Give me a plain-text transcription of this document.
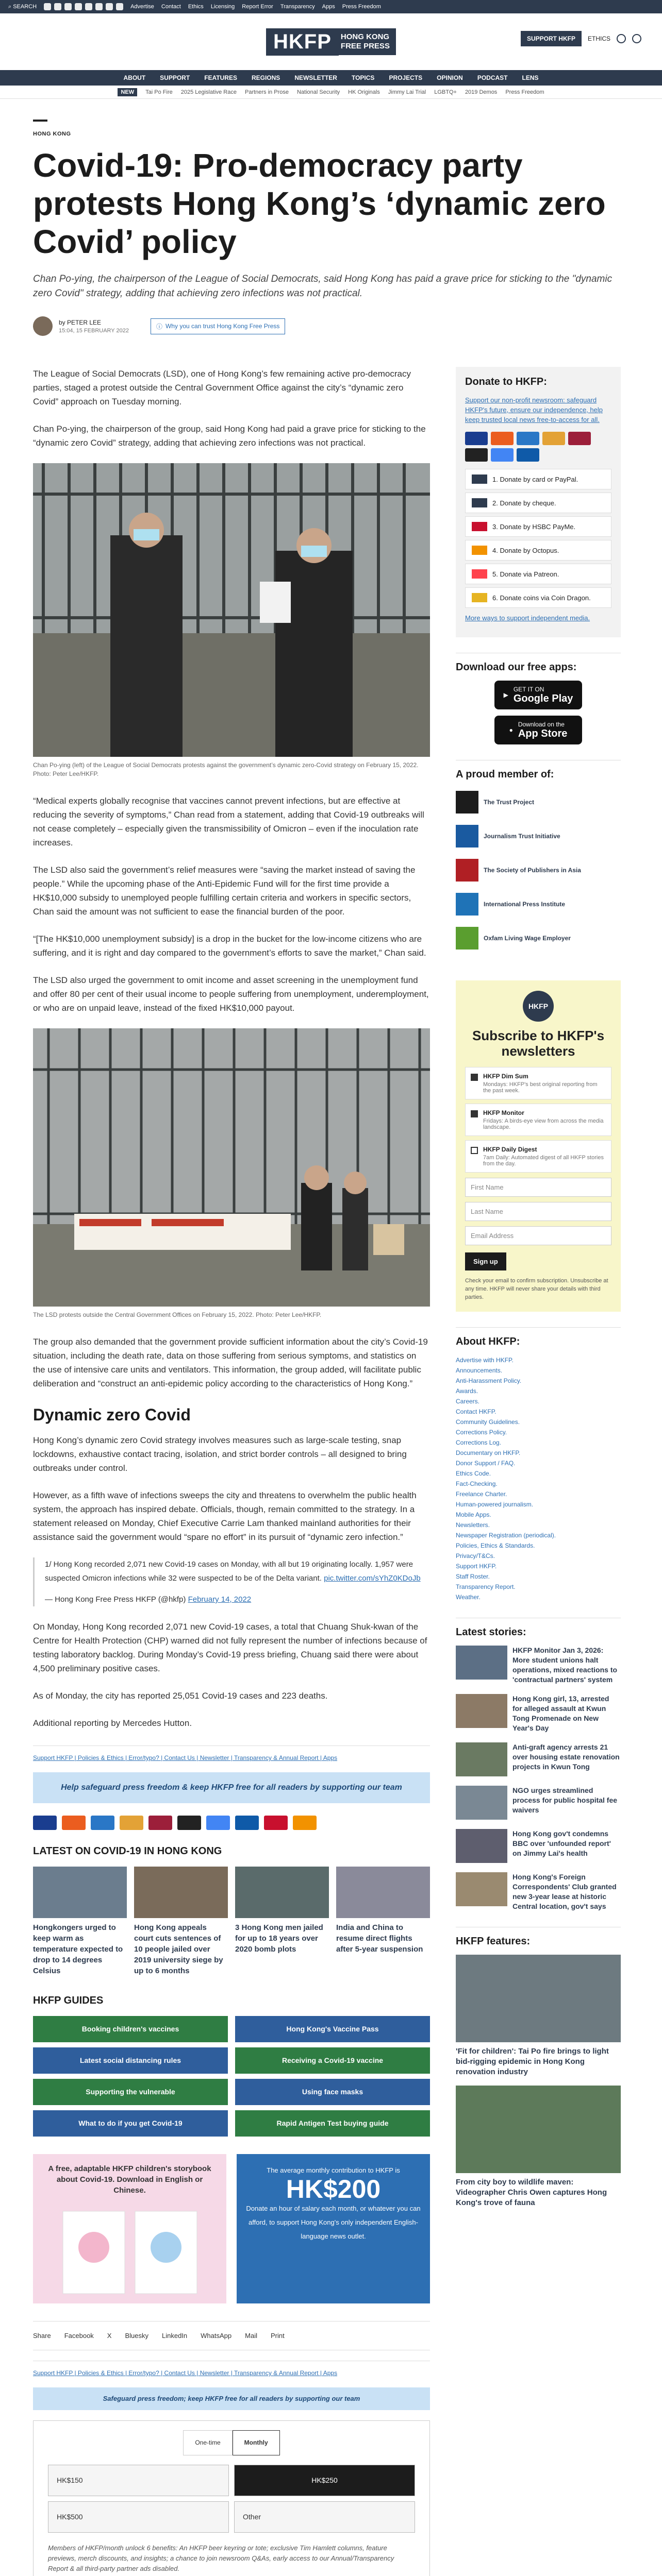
⌕ SEARCH	Advertise Contact Ethics Licensing Report Error Transparency Apps Press Freedom
HKFP	HONG KONG
FREE PRESS
SUPPORT HKFP	ETHICS
ABOUT SUPPORT FEATURES REGIONS NEWSLETTER TOPICS PROJECTS OPINION PODCAST LENS
NEW	Tai Po Fire 2025 Legislative Race Partners in Prose National Security HK Originals Jimmy Lai Trial LGBTQ+ 2019 Demos Press Freedom
HONG KONG
Covid-19: Pro-democracy party protests Hong Kong’s ‘dynamic zero Covid’ policy
Chan Po-ying, the chairperson of the League of Social Democrats, said Hong Kong has paid a grave price for sticking to the "dynamic zero Covid" strategy, adding that achieving zero infections was not practical.
by PETER LEE
15:04, 15 FEBRUARY 2022
ⓘ Why you can trust Hong Kong Free Press

The League of Social Democrats (LSD), one of Hong Kong’s few remaining active pro-democracy parties, staged a protest outside the Central Government Office against the city’s “dynamic zero Covid” approach on Tuesday morning.

Chan Po-ying, the chairperson of the group, said Hong Kong had paid a grave price for sticking to the “dynamic zero Covid” strategy, adding that achieving zero infections was not practical.

Chan Po-ying (left) of the League of Social Democrats protests against the government’s dynamic zero-Covid strategy on February 15, 2022. Photo: Peter Lee/HKFP.

“Medical experts globally recognise that vaccines cannot prevent infections, but are effective at reducing the severity of symptoms,” Chan read from a statement, adding that Covid-19 outbreaks will not cease completely – especially given the transmissibility of Omicron – even if the inoculation rate increases.

The LSD also said the government’s relief measures were “saving the market instead of saving the people.” While the upcoming phase of the Anti-Epidemic Fund will for the first time provide a HK$10,000 subsidy to unemployed people fulfilling certain criteria and workers in specific sectors, Chan said the amount was not sufficient to ease the financial burden of the poor.

“[The HK$10,000 unemployment subsidy] is a drop in the bucket for the low-income citizens who are suffering, and it is right and day compared to the government’s efforts to save the market,” Chan said.

The LSD also urged the government to omit income and asset screening in the unemployment fund and offer 80 per cent of their usual income to people suffering from unemployment, underemployment, or who are on unpaid leave, instead of the fixed HK$10,000 payout.

The LSD protests outside the Central Government Offices on February 15, 2022. Photo: Peter Lee/HKFP.

The group also demanded that the government provide sufficient information about the city’s Covid-19 situation, including the death rate, data on those suffering from serious symptoms, and statistics on the use of intensive care units and ventilators. This information, the group added, will facilitate public deliberation and “construct an anti-epidemic policy according to the characteristics of Hong Kong.”

Dynamic zero Covid

Hong Kong’s dynamic zero Covid strategy involves measures such as large-scale testing, snap lockdowns, exhaustive contact tracing, isolation, and strict border controls – all designed to bring outbreaks under control.

However, as a fifth wave of infections sweeps the city and threatens to overwhelm the public health system, the approach has inspired debate. Officials, though, remain committed to the strategy. In a statement released on Monday, Chief Executive Carrie Lam thanked mainland authorities for their assistance said the government would “spare no effort” in its pursuit of “dynamic zero infection.”

1/ Hong Kong recorded 2,071 new Covid-19 cases on Monday, with all but 19 originating locally. 1,957 were suspected Omicron infections while 32 were suspected to be of the Delta variant. pic.twitter.com/sYhZ0KDoJb

— Hong Kong Free Press HKFP (@hkfp) February 14, 2022

On Monday, Hong Kong recorded 2,071 new Covid-19 cases, a total that Chuang Shuk-kwan of the Centre for Health Protection (CHP) warned did not fully represent the number of infections because of testing laboratory backlog. During Monday’s Covid-19 press briefing, Chuang said there were about 4,500 preliminary positive cases.

As of Monday, the city has reported 25,051 Covid-19 cases and 223 deaths.

Additional reporting by Mercedes Hutton.

Support HKFP | Policies & Ethics | Error/typo? | Contact Us | Newsletter | Transparency & Annual Report | Apps
Help safeguard press freedom & keep HKFP free for all readers by supporting our team
LATEST ON COVID-19 IN HONG KONG
Hongkongers urged to keep warm as temperature expected to drop to 14 degrees Celsius
Hong Kong appeals court cuts sentences of 10 people jailed over 2019 university siege by up to 6 months
3 Hong Kong men jailed for up to 18 years over 2020 bomb plots
India and China to resume direct flights after 5-year suspension
HKFP GUIDES
Booking children's vaccines	Hong Kong's Vaccine Pass
Latest social distancing rules	Receiving a Covid-19 vaccine
Supporting the vulnerable	Using face masks
What to do if you get Covid-19	Rapid Antigen Test buying guide
A free, adaptable HKFP children's storybook about Covid-19. Download in English or Chinese.
The average monthly contribution to HKFP is
HK$200
Donate an hour of salary each month, or whatever you can afford, to support Hong Kong's only independent English-language news outlet.
Share Facebook X Bluesky LinkedIn WhatsApp Mail Print
Support HKFP | Policies & Ethics | Error/typo? | Contact Us | Newsletter | Transparency & Annual Report | Apps
Safeguard press freedom; keep HKFP free for all readers by supporting our team
One-time	Monthly
HK$150	HK$250
HK$500	Other
Members of HKFP/month unlock 6 benefits: An HKFP beer keyring or tote; exclusive Tim Hamlett columns, feature previews, merch discounts, and insights; a chance to join newsroom Q&As, early access to our Annual/Transparency Report & all third-party partner ads disabled.
Donate to HKFP:
Support our non-profit newsroom: safeguard HKFP's future, ensure our independence, help keep trusted local news free-to-access for all.
1. Donate by card or PayPal.
2. Donate by cheque.
3. Donate by HSBC PayMe.
4. Donate by Octopus.
5. Donate via Patreon.
6. Donate coins via Coin Dragon.
More ways to support independent media.
Download our free apps:
▶
GET IT ON
Google Play
●
Download on the
App Store
A proud member of:
The Trust Project
Journalism Trust Initiative
The Society of Publishers in Asia
International Press Institute
Oxfam Living Wage Employer
HKFP
Subscribe to HKFP's newsletters
HKFP Dim Sum
Mondays: HKFP's best original reporting from the past week.
HKFP Monitor
Fridays: A birds-eye view from across the media landscape.
HKFP Daily Digest
7am Daily: Automated digest of all HKFP stories from the day.
First Name
Last Name
Email Address
Sign up
Check your email to confirm subscription. Unsubscribe at any time. HKFP will never share your details with third parties.
About HKFP:
Advertise with HKFP.
Announcements.
Anti-Harassment Policy.
Awards.
Careers.
Contact HKFP.
Community Guidelines.
Corrections Policy.
Corrections Log.
Documentary on HKFP.
Donor Support / FAQ.
Ethics Code.
Fact-Checking.
Freelance Charter.
Human-powered journalism.
Mobile Apps.
Newsletters.
Newspaper Registration (periodical).
Policies, Ethics & Standards.
Privacy/T&Cs.
Support HKFP.
Staff Roster.
Transparency Report.
Weather.
Latest stories:
HKFP Monitor Jan 3, 2026: More student unions halt operations, mixed reactions to 'contractual partners' system
Hong Kong girl, 13, arrested for alleged assault at Kwun Tong Promenade on New Year's Day
Anti-graft agency arrests 21 over housing estate renovation projects in Kwun Tong
NGO urges streamlined process for public hospital fee waivers
Hong Kong gov't condemns BBC over 'unfounded report' on Jimmy Lai's health
Hong Kong's Foreign Correspondents' Club granted new 3-year lease at historic Central location, gov't says
HKFP features:
'Fit for children': Tai Po fire brings to light bid-rigging epidemic in Hong Kong renovation industry
From city boy to wildlife maven: Videographer Chris Owen captures Hong Kong's trove of fauna
